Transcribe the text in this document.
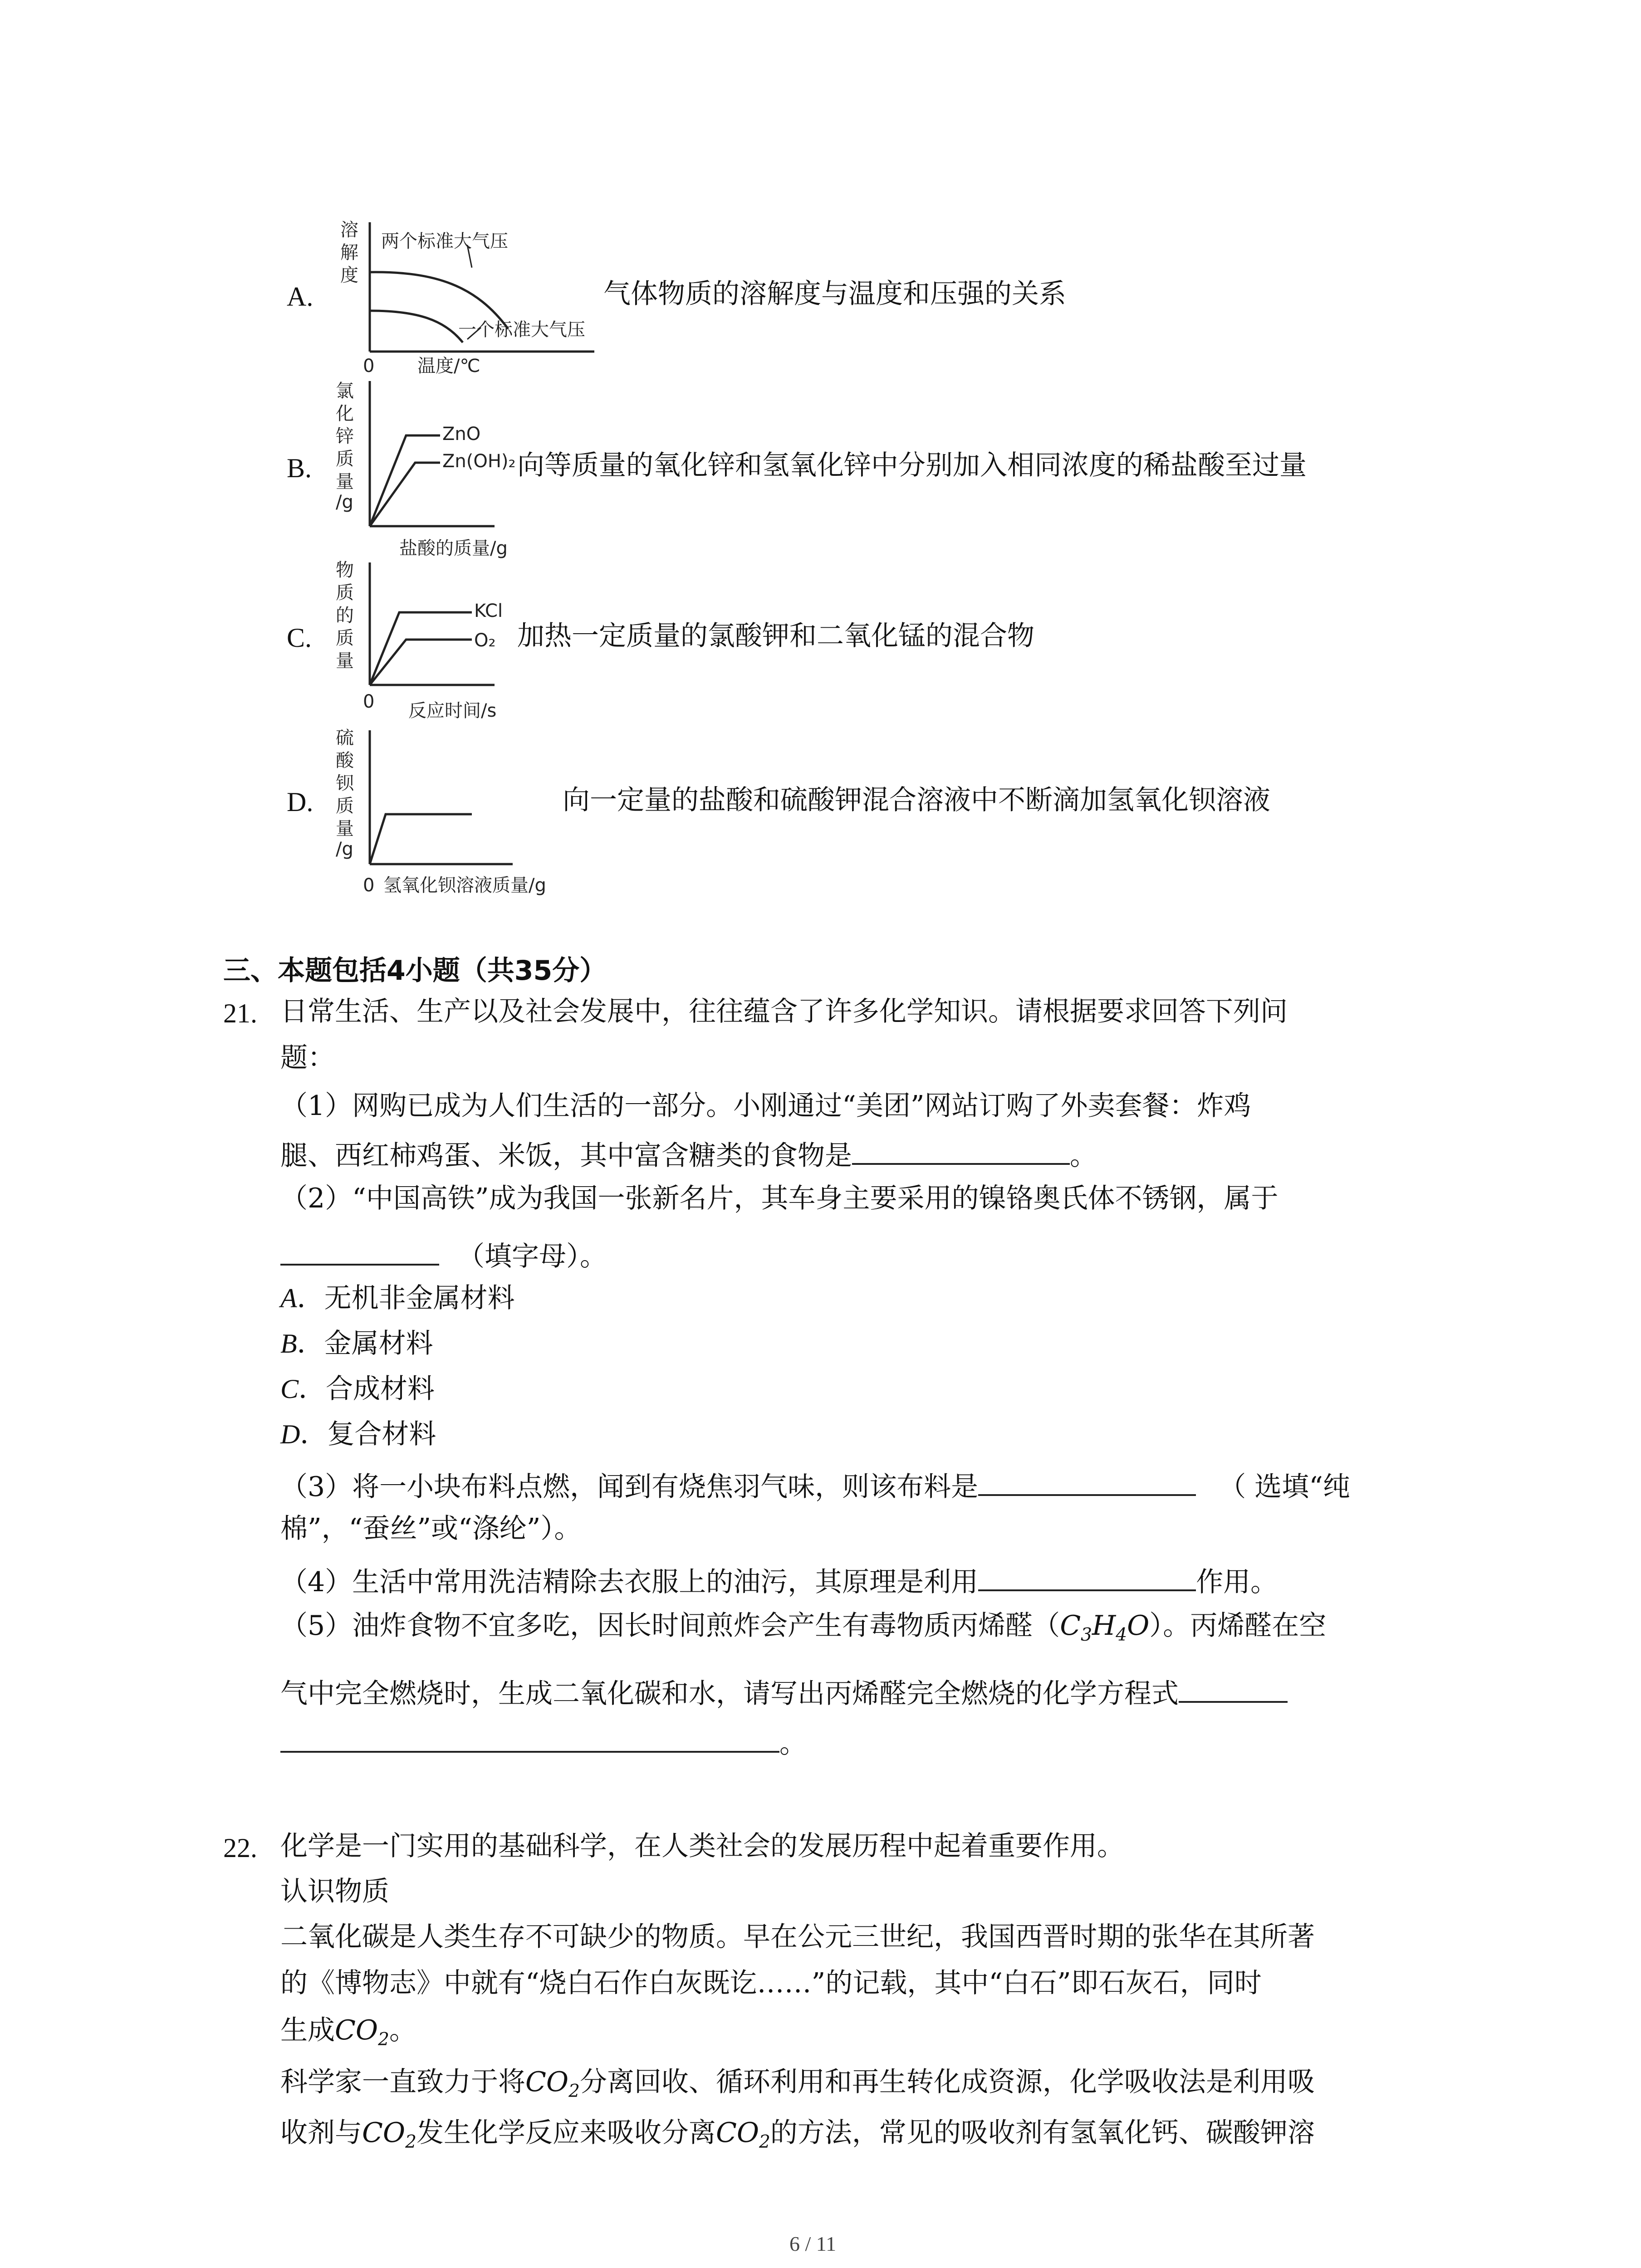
A.
溶
解
度
两个标准大气压
一个标准大气压
0 温度/℃
气体物质的溶解度与温度和压强的关系
B.
氯
化
锌
质
量
/g
ZnO
Zn(OH)₂
盐酸的质量/g
向等质量的氧化锌和氢氧化锌中分别加入相同浓度的稀盐酸至过量
C.
物
质
的
质
量
KCl
O₂
0 反应时间/s
加热一定质量的氯酸钾和二氧化锰的混合物
D.
硫
酸
钡
质
量
/g
0 氢氧化钡溶液质量/g
向一定量的盐酸和硫酸钾混合溶液中不断滴加氢氧化钡溶液
三、本题包括4小题（共35分）
21. 日常生活、生产以及社会发展中，往往蕴含了许多化学知识。请根据要求回答下列问
题：
（1）网购已成为人们生活的一部分。小刚通过“美团”网站订购了外卖套餐：炸鸡
腿、西红柿鸡蛋、米饭，其中富含糖类的食物是	。
（2）“中国高铁”成为我国一张新名片，其车身主要采用的镍铬奥氏体不锈钢，属于
（填字母）。
A．无机非金属材料
B．金属材料
C．合成材料
D．复合材料
（3）将一小块布料点燃，闻到有烧焦羽气味，则该布料是	（ 选填“纯
棉”，“蚕丝”或“涤纶”）。
（4）生活中常用洗洁精除去衣服上的油污，其原理是利用	作用。
（5）油炸食物不宜多吃，因长时间煎炸会产生有毒物质丙烯醛$(C_3H_4O)$。丙烯醛在空
气中完全燃烧时，生成二氧化碳和水，请写出丙烯醛完全燃烧的化学方程式
。
22. 化学是一门实用的基础科学，在人类社会的发展历程中起着重要作用。
认识物质
二氧化碳是人类生存不可缺少的物质。早在公元三世纪，我国西晋时期的张华在其所著
的《博物志》中就有“烧白石作白灰既讫……”的记载，其中“白石”即石灰石，同时
生成$CO_2$。
科学家一直致力于将$CO_2$分离回收、循环利用和再生转化成资源，化学吸收法是利用吸
收剂与$CO_2$发生化学反应来吸收分离$CO_2$的方法，常见的吸收剂有氢氧化钙、碳酸钾溶
6 / 11
